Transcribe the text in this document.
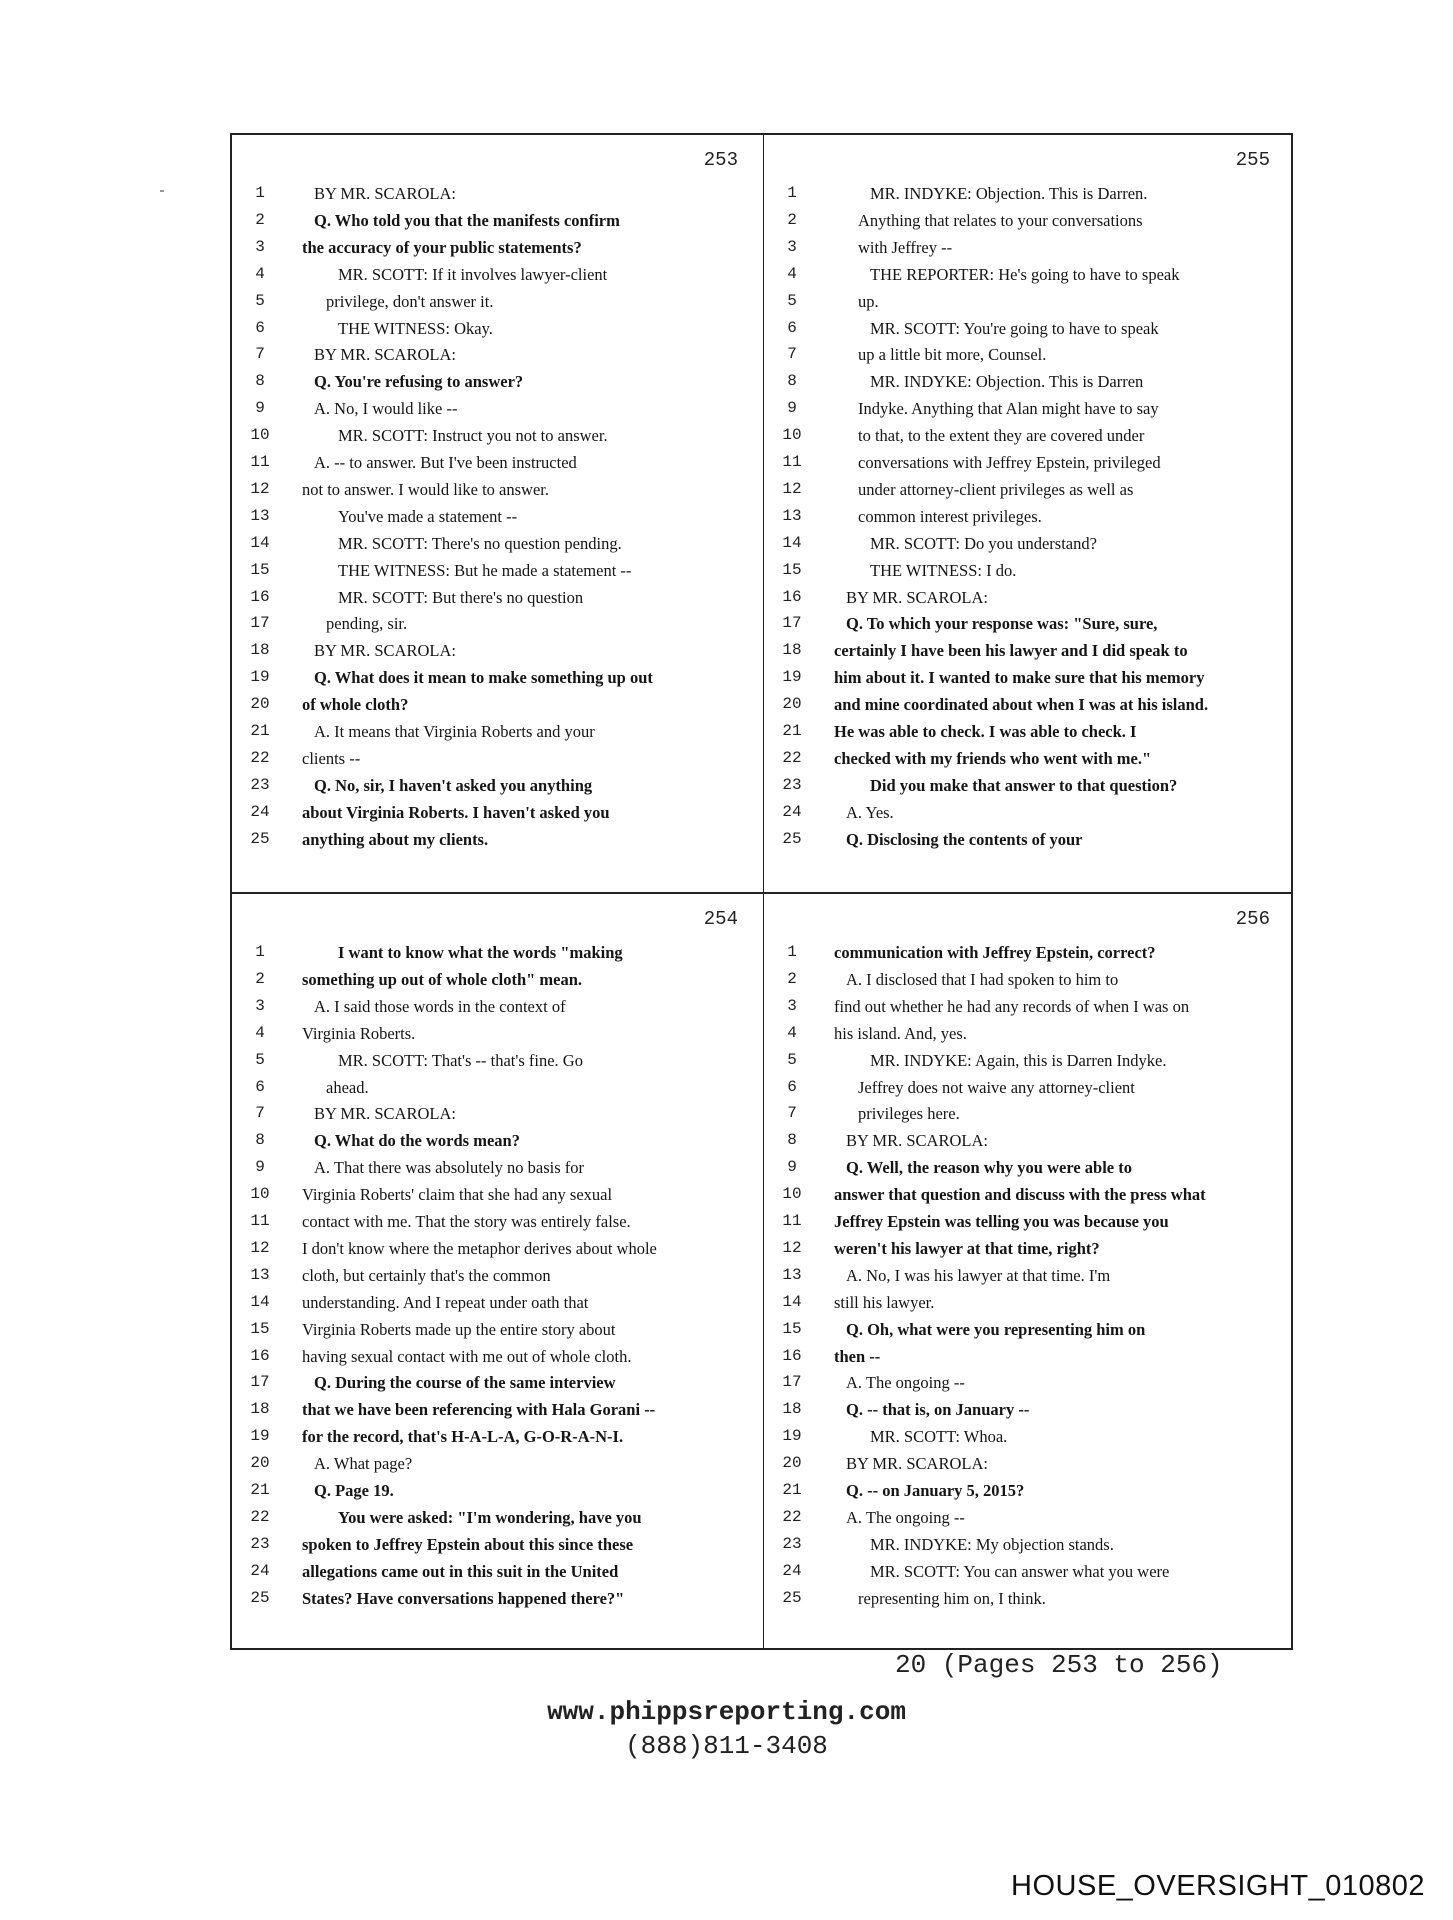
253
1	BY MR. SCAROLA:
2	Q. Who told you that the manifests confirm
3	the accuracy of your public statements?
4	MR. SCOTT: If it involves lawyer-client
5	privilege, don't answer it.
6	THE WITNESS: Okay.
7	BY MR. SCAROLA:
8	Q. You're refusing to answer?
9	A. No, I would like --
10	MR. SCOTT: Instruct you not to answer.
11	A. -- to answer. But I've been instructed
12	not to answer. I would like to answer.
13	You've made a statement --
14	MR. SCOTT: There's no question pending.
15	THE WITNESS: But he made a statement --
16	MR. SCOTT: But there's no question
17	pending, sir.
18	BY MR. SCAROLA:
19	Q. What does it mean to make something up out
20	of whole cloth?
21	A. It means that Virginia Roberts and your
22	clients --
23	Q. No, sir, I haven't asked you anything
24	about Virginia Roberts. I haven't asked you
25	anything about my clients.
255
1	MR. INDYKE: Objection. This is Darren.
2	Anything that relates to your conversations
3	with Jeffrey --
4	THE REPORTER: He's going to have to speak
5	up.
6	MR. SCOTT: You're going to have to speak
7	up a little bit more, Counsel.
8	MR. INDYKE: Objection. This is Darren
9	Indyke. Anything that Alan might have to say
10	to that, to the extent they are covered under
11	conversations with Jeffrey Epstein, privileged
12	under attorney-client privileges as well as
13	common interest privileges.
14	MR. SCOTT: Do you understand?
15	THE WITNESS: I do.
16	BY MR. SCAROLA:
17	Q. To which your response was: "Sure, sure,
18	certainly I have been his lawyer and I did speak to
19	him about it. I wanted to make sure that his memory
20	and mine coordinated about when I was at his island.
21	He was able to check. I was able to check. I
22	checked with my friends who went with me."
23	Did you make that answer to that question?
24	A. Yes.
25	Q. Disclosing the contents of your
254
1	I want to know what the words "making
2	something up out of whole cloth" mean.
3	A. I said those words in the context of
4	Virginia Roberts.
5	MR. SCOTT: That's -- that's fine. Go
6	ahead.
7	BY MR. SCAROLA:
8	Q. What do the words mean?
9	A. That there was absolutely no basis for
10	Virginia Roberts' claim that she had any sexual
11	contact with me. That the story was entirely false.
12	I don't know where the metaphor derives about whole
13	cloth, but certainly that's the common
14	understanding. And I repeat under oath that
15	Virginia Roberts made up the entire story about
16	having sexual contact with me out of whole cloth.
17	Q. During the course of the same interview
18	that we have been referencing with Hala Gorani --
19	for the record, that's H-A-L-A, G-O-R-A-N-I.
20	A. What page?
21	Q. Page 19.
22	You were asked: "I'm wondering, have you
23	spoken to Jeffrey Epstein about this since these
24	allegations came out in this suit in the United
25	States? Have conversations happened there?"
256
1	communication with Jeffrey Epstein, correct?
2	A. I disclosed that I had spoken to him to
3	find out whether he had any records of when I was on
4	his island. And, yes.
5	MR. INDYKE: Again, this is Darren Indyke.
6	Jeffrey does not waive any attorney-client
7	privileges here.
8	BY MR. SCAROLA:
9	Q. Well, the reason why you were able to
10	answer that question and discuss with the press what
11	Jeffrey Epstein was telling you was because you
12	weren't his lawyer at that time, right?
13	A. No, I was his lawyer at that time. I'm
14	still his lawyer.
15	Q. Oh, what were you representing him on
16	then --
17	A. The ongoing --
18	Q. -- that is, on January --
19	MR. SCOTT: Whoa.
20	BY MR. SCAROLA:
21	Q. -- on January 5, 2015?
22	A. The ongoing --
23	MR. INDYKE: My objection stands.
24	MR. SCOTT: You can answer what you were
25	representing him on, I think.
20 (Pages 253 to 256)
www.phippsreporting.com
(888)811-3408
HOUSE_OVERSIGHT_010802
